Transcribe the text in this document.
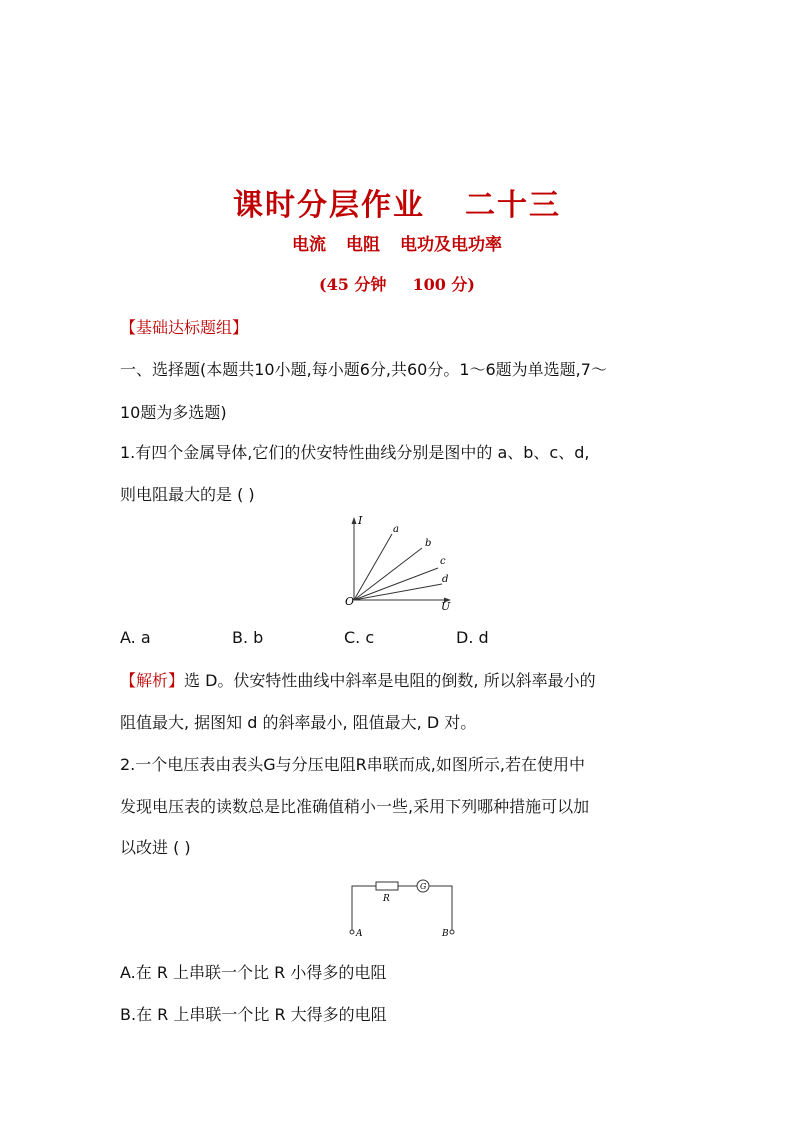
课时分层作业 二十三
电流 电阻 电功及电功率
(45 分钟 100 分)
【基础达标题组】
一、选择题(本题共10小题,每小题6分,共60分。1～6题为单选题,7～
10题为多选题)
1.有四个金属导体,它们的伏安特性曲线分别是图中的 a、b、c、d,
则电阻最大的是 ( )
I
U
O
a
b
c
d
A. a	B. b	C. c	D. d
【解析】选 D。伏安特性曲线中斜率是电阻的倒数, 所以斜率最小的
阻值最大, 据图知 d 的斜率最小, 阻值最大, D 对。
2.一个电压表由表头G与分压电阻R串联而成,如图所示,若在使用中
发现电压表的读数总是比准确值稍小一些,采用下列哪种措施可以加
以改进 ( )
R
G
A	B
A.在 R 上串联一个比 R 小得多的电阻
B.在 R 上串联一个比 R 大得多的电阻
